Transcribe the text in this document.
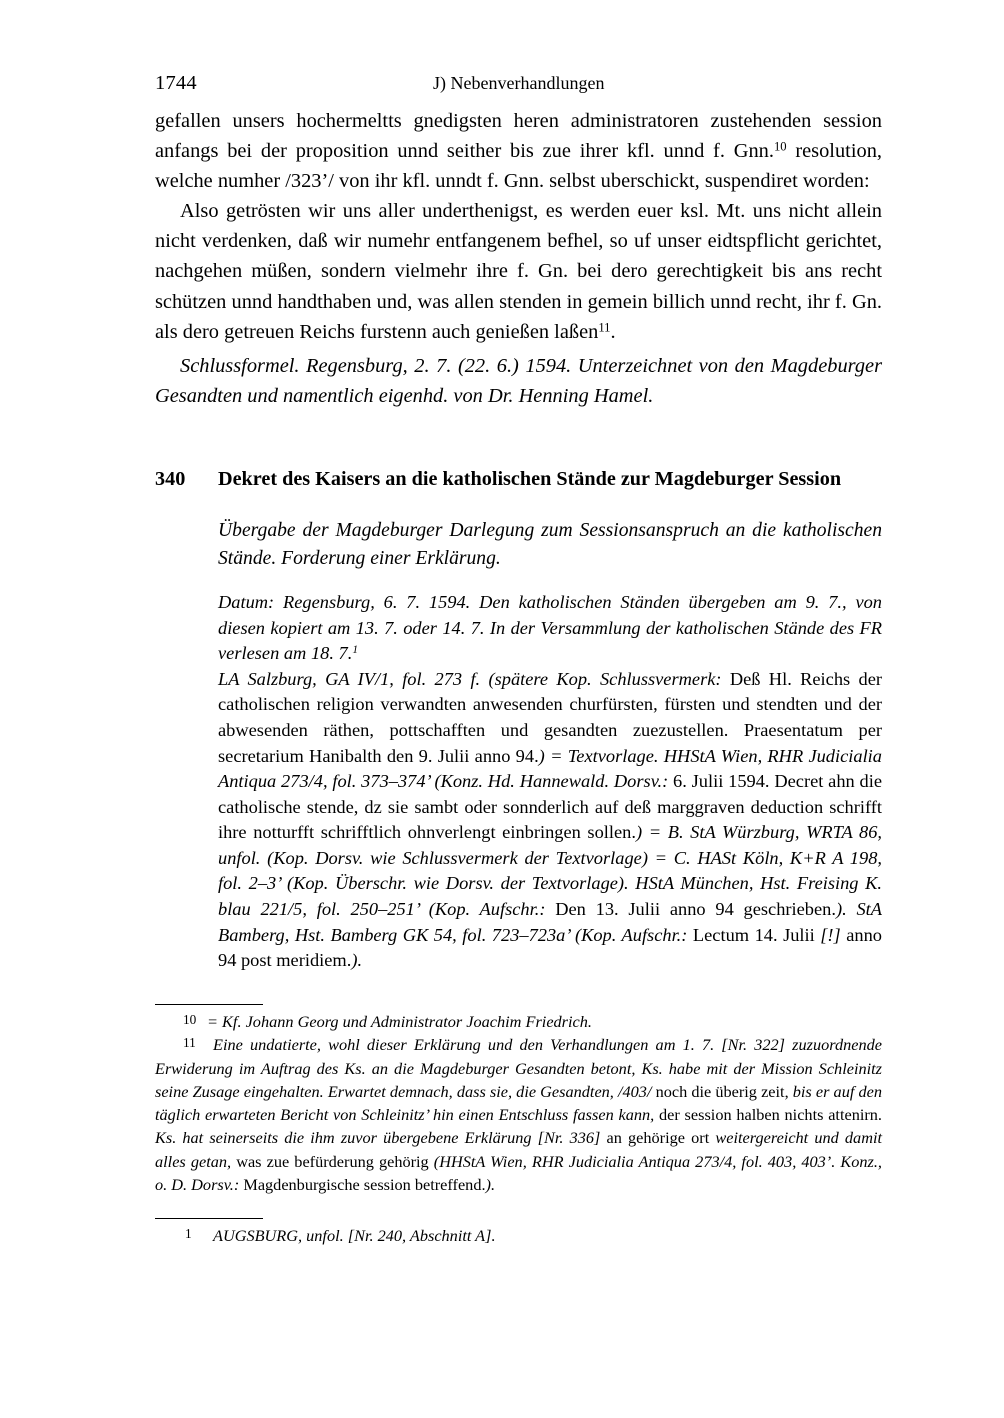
1744	J) Nebenverhandlungen

gefallen unsers hochermeltts gnedigsten heren administratoren zustehenden session anfangs bei der proposition unnd seither bis zue ihrer kfl. unnd f. Gnn.$^{10}$ resolution, welche numher /323’/ von ihr kfl. unndt f. Gnn. selbst uberschickt, suspendiret worden:

Also getrösten wir uns aller underthenigst, es werden euer ksl. Mt. uns nicht allein nicht verdenken, daß wir numehr entfangenem befhel, so uf unser eidtspflicht gerichtet, nachgehen müßen, sondern vielmehr ihre f. Gn. bei dero gerechtigkeit bis ans recht schützen unnd handthaben und, was allen stenden in gemein billich unnd recht, ihr f. Gn. als dero getreuen Reichs furstenn auch genießen laßen$^{11}$.

Schlussformel. Regensburg, 2. 7. (22. 6.) 1594. Unterzeichnet von den Magdeburger Gesandten und namentlich eigenhd. von Dr. Henning Hamel.
340 Dekret des Kaisers an die katholischen Stände zur Magdeburger Session
Übergabe der Magdeburger Darlegung zum Sessionsanspruch an die katholischen Stände. Forderung einer Erklärung.

Datum: Regensburg, 6. 7. 1594. Den katholischen Ständen übergeben am 9. 7., von diesen kopiert am 13. 7. oder 14. 7. In der Versammlung der katholischen Stände des FR verlesen am 18. 7.$^1$

LA Salzburg, GA IV/1, fol. 273 f. (spätere Kop. Schlussvermerk: Deß Hl. Reichs der catholischen religion verwandten anwesenden churfürsten, fürsten und stendten und der abwesenden räthen, pottschafften und gesandten zuezustellen. Praesentatum per secretarium Hanibalth den 9. Julii anno 94.) = Textvorlage. HHStA Wien, RHR Judicialia Antiqua 273/4, fol. 373–374’ (Konz. Hd. Hannewald. Dorsv.: 6. Julii 1594. Decret ahn die catholische stende, dz sie sambt oder sonnderlich auf deß marggraven deduction schrifft ihre notturfft schrifftlich ohnverlengt einbringen sollen.) = B. StA Würzburg, WRTA 86, unfol. (Kop. Dorsv. wie Schlussvermerk der Textvorlage) = C. HASt Köln, K+R A 198, fol. 2–3’ (Kop. Überschr. wie Dorsv. der Textvorlage). HStA München, Hst. Freising K. blau 221/5, fol. 250–251’ (Kop. Aufschr.: Den 13. Julii anno 94 geschrieben.). StA Bamberg, Hst. Bamberg GK 54, fol. 723–723a’ (Kop. Aufschr.: Lectum 14. Julii [!] anno 94 post meridiem.).

10 = Kf. Johann Georg und Administrator Joachim Friedrich.
11	Eine undatierte, wohl dieser Erklärung und den Verhandlungen am 1. 7. [Nr. 322] zuzuordnende Erwiderung im Auftrag des Ks. an die Magdeburger Gesandten betont, Ks. habe mit der Mission Schleinitz seine Zusage eingehalten. Erwartet demnach, dass sie, die Gesandten, /403/ noch die überig zeit, bis er auf den täglich erwarteten Bericht von Schleinitz’ hin einen Entschluss fassen kann, der session halben nichts attenirn. Ks. hat seinerseits die ihm zuvor übergebene Erklärung [Nr. 336] an gehörige ort weitergereicht und damit alles getan, was zue befürderung gehörig (HHStA Wien, RHR Judicialia Antiqua 273/4, fol. 403, 403’. Konz., o. D. Dorsv.: Magdenburgische session betreffend.).
1	AUGSBURG, unfol. [Nr. 240, Abschnitt A].
